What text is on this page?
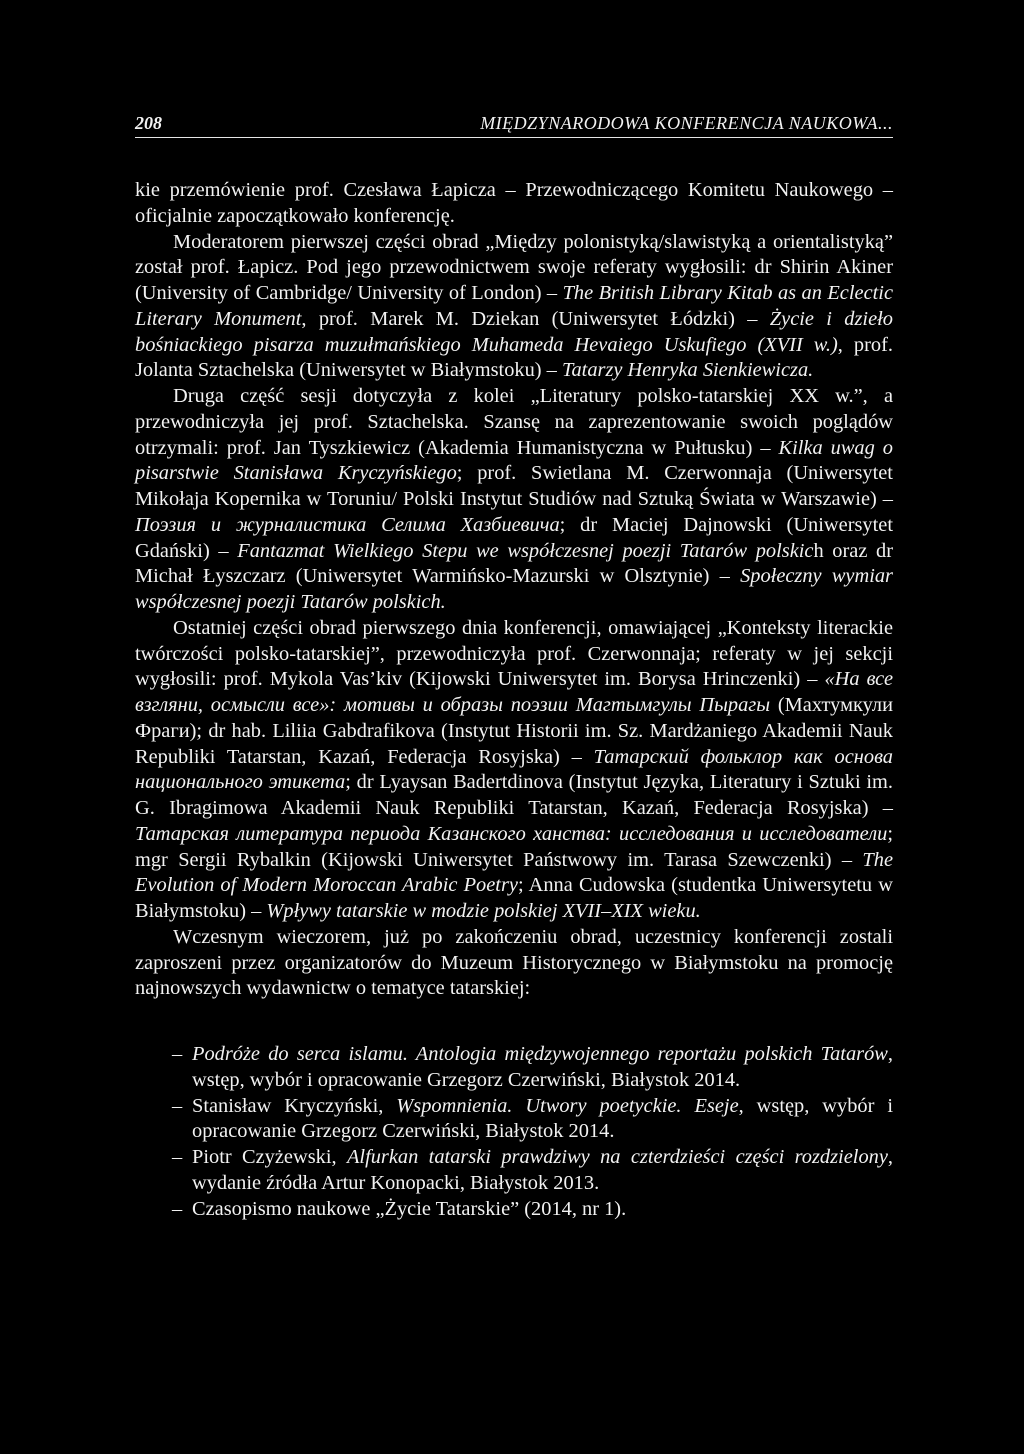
208	MIĘDZYNARODOWA KONFERENCJA NAUKOWA...

kie przemówienie prof. Czesława Łapicza – Przewodniczącego Komitetu Naukowego – oficjalnie zapoczątkowało konferencję.

Moderatorem pierwszej części obrad „Między polonistyką/slawistyką a orientalistyką” został prof. Łapicz. Pod jego przewodnictwem swoje referaty wygłosili: dr Shirin Akiner (University of Cambridge/ University of London) – The British Library Kitab as an Eclectic Literary Monument, prof. Marek M. Dziekan (Uniwersytet Łódzki) – Życie i dzieło bośniackiego pisarza muzułmańskiego Muhameda Hevaiego Uskufiego (XVII w.), prof. Jolanta Sztachelska (Uniwersytet w Białymstoku) – Tatarzy Henryka Sienkiewicza.

Druga część sesji dotyczyła z kolei „Literatury polsko-tatarskiej XX w.”, a przewodniczyła jej prof. Sztachelska. Szansę na zaprezentowanie swoich poglądów otrzymali: prof. Jan Tyszkiewicz (Akademia Humanistyczna w Pułtusku) – Kilka uwag o pisarstwie Stanisława Kryczyńskiego; prof. Swietlana M. Czerwonnaja (Uniwersytet Mikołaja Kopernika w Toruniu/ Polski Instytut Studiów nad Sztuką Świata w Warszawie) – Поэзия и журналистика Селима Хазбиевича; dr Maciej Dajnowski (Uniwersytet Gdański) – Fantazmat Wielkiego Stepu we współczesnej poezji Tatarów polskich oraz dr Michał Łyszczarz (Uniwersytet Warmińsko-Mazurski w Olsztynie) – Społeczny wymiar współczesnej poezji Tatarów polskich.

Ostatniej części obrad pierwszego dnia konferencji, omawiającej „Konteksty literackie twórczości polsko-tatarskiej”, przewodniczyła prof. Czerwonnaja; referaty w jej sekcji wygłosili: prof. Mykola Vas’kiv (Kijowski Uniwersytet im. Borysa Hrinczenki) – «На все взгляни, осмысли все»: мотивы и образы поэзии Мaгтымгулы Пырагы (Махтумкули Фраги); dr hab. Liliia Gabdrafikova (Instytut Historii im. Sz. Mardżaniego Akademii Nauk Republiki Tatarstan, Kazań, Federacja Rosyjska) – Татарский фольклор как основа национального этикета; dr Lyaysan Badertdinova (Instytut Języka, Literatury i Sztuki im. G. Ibragimowa Akademii Nauk Republiki Tatarstan, Kazań, Federacja Rosyjska) – Татарская литература периода Казанского ханства: исследования и исследователи; mgr Sergii Rybalkin (Kijowski Uniwersytet Państwowy im. Tarasa Szewczenki) – The Evolution of Modern Moroccan Arabic Poetry; Anna Cudowska (studentka Uniwersytetu w Białymstoku) – Wpływy tatarskie w modzie polskiej XVII–XIX wieku.

Wczesnym wieczorem, już po zakończeniu obrad, uczestnicy konferencji zostali zaproszeni przez organizatorów do Muzeum Historycznego w Białymstoku na promocję najnowszych wydawnictw o tematyce tatarskiej:

– Podróże do serca islamu. Antologia międzywojennego reportażu polskich Tatarów, wstęp, wybór i opracowanie Grzegorz Czerwiński, Białystok 2014.
– Stanisław Kryczyński, Wspomnienia. Utwory poetyckie. Eseje, wstęp, wybór i opracowanie Grzegorz Czerwiński, Białystok 2014.
– Piotr Czyżewski, Alfurkan tatarski prawdziwy na czterdzieści części rozdzielony, wydanie źródła Artur Konopacki, Białystok 2013.
– Czasopismo naukowe „Życie Tatarskie” (2014, nr 1).
